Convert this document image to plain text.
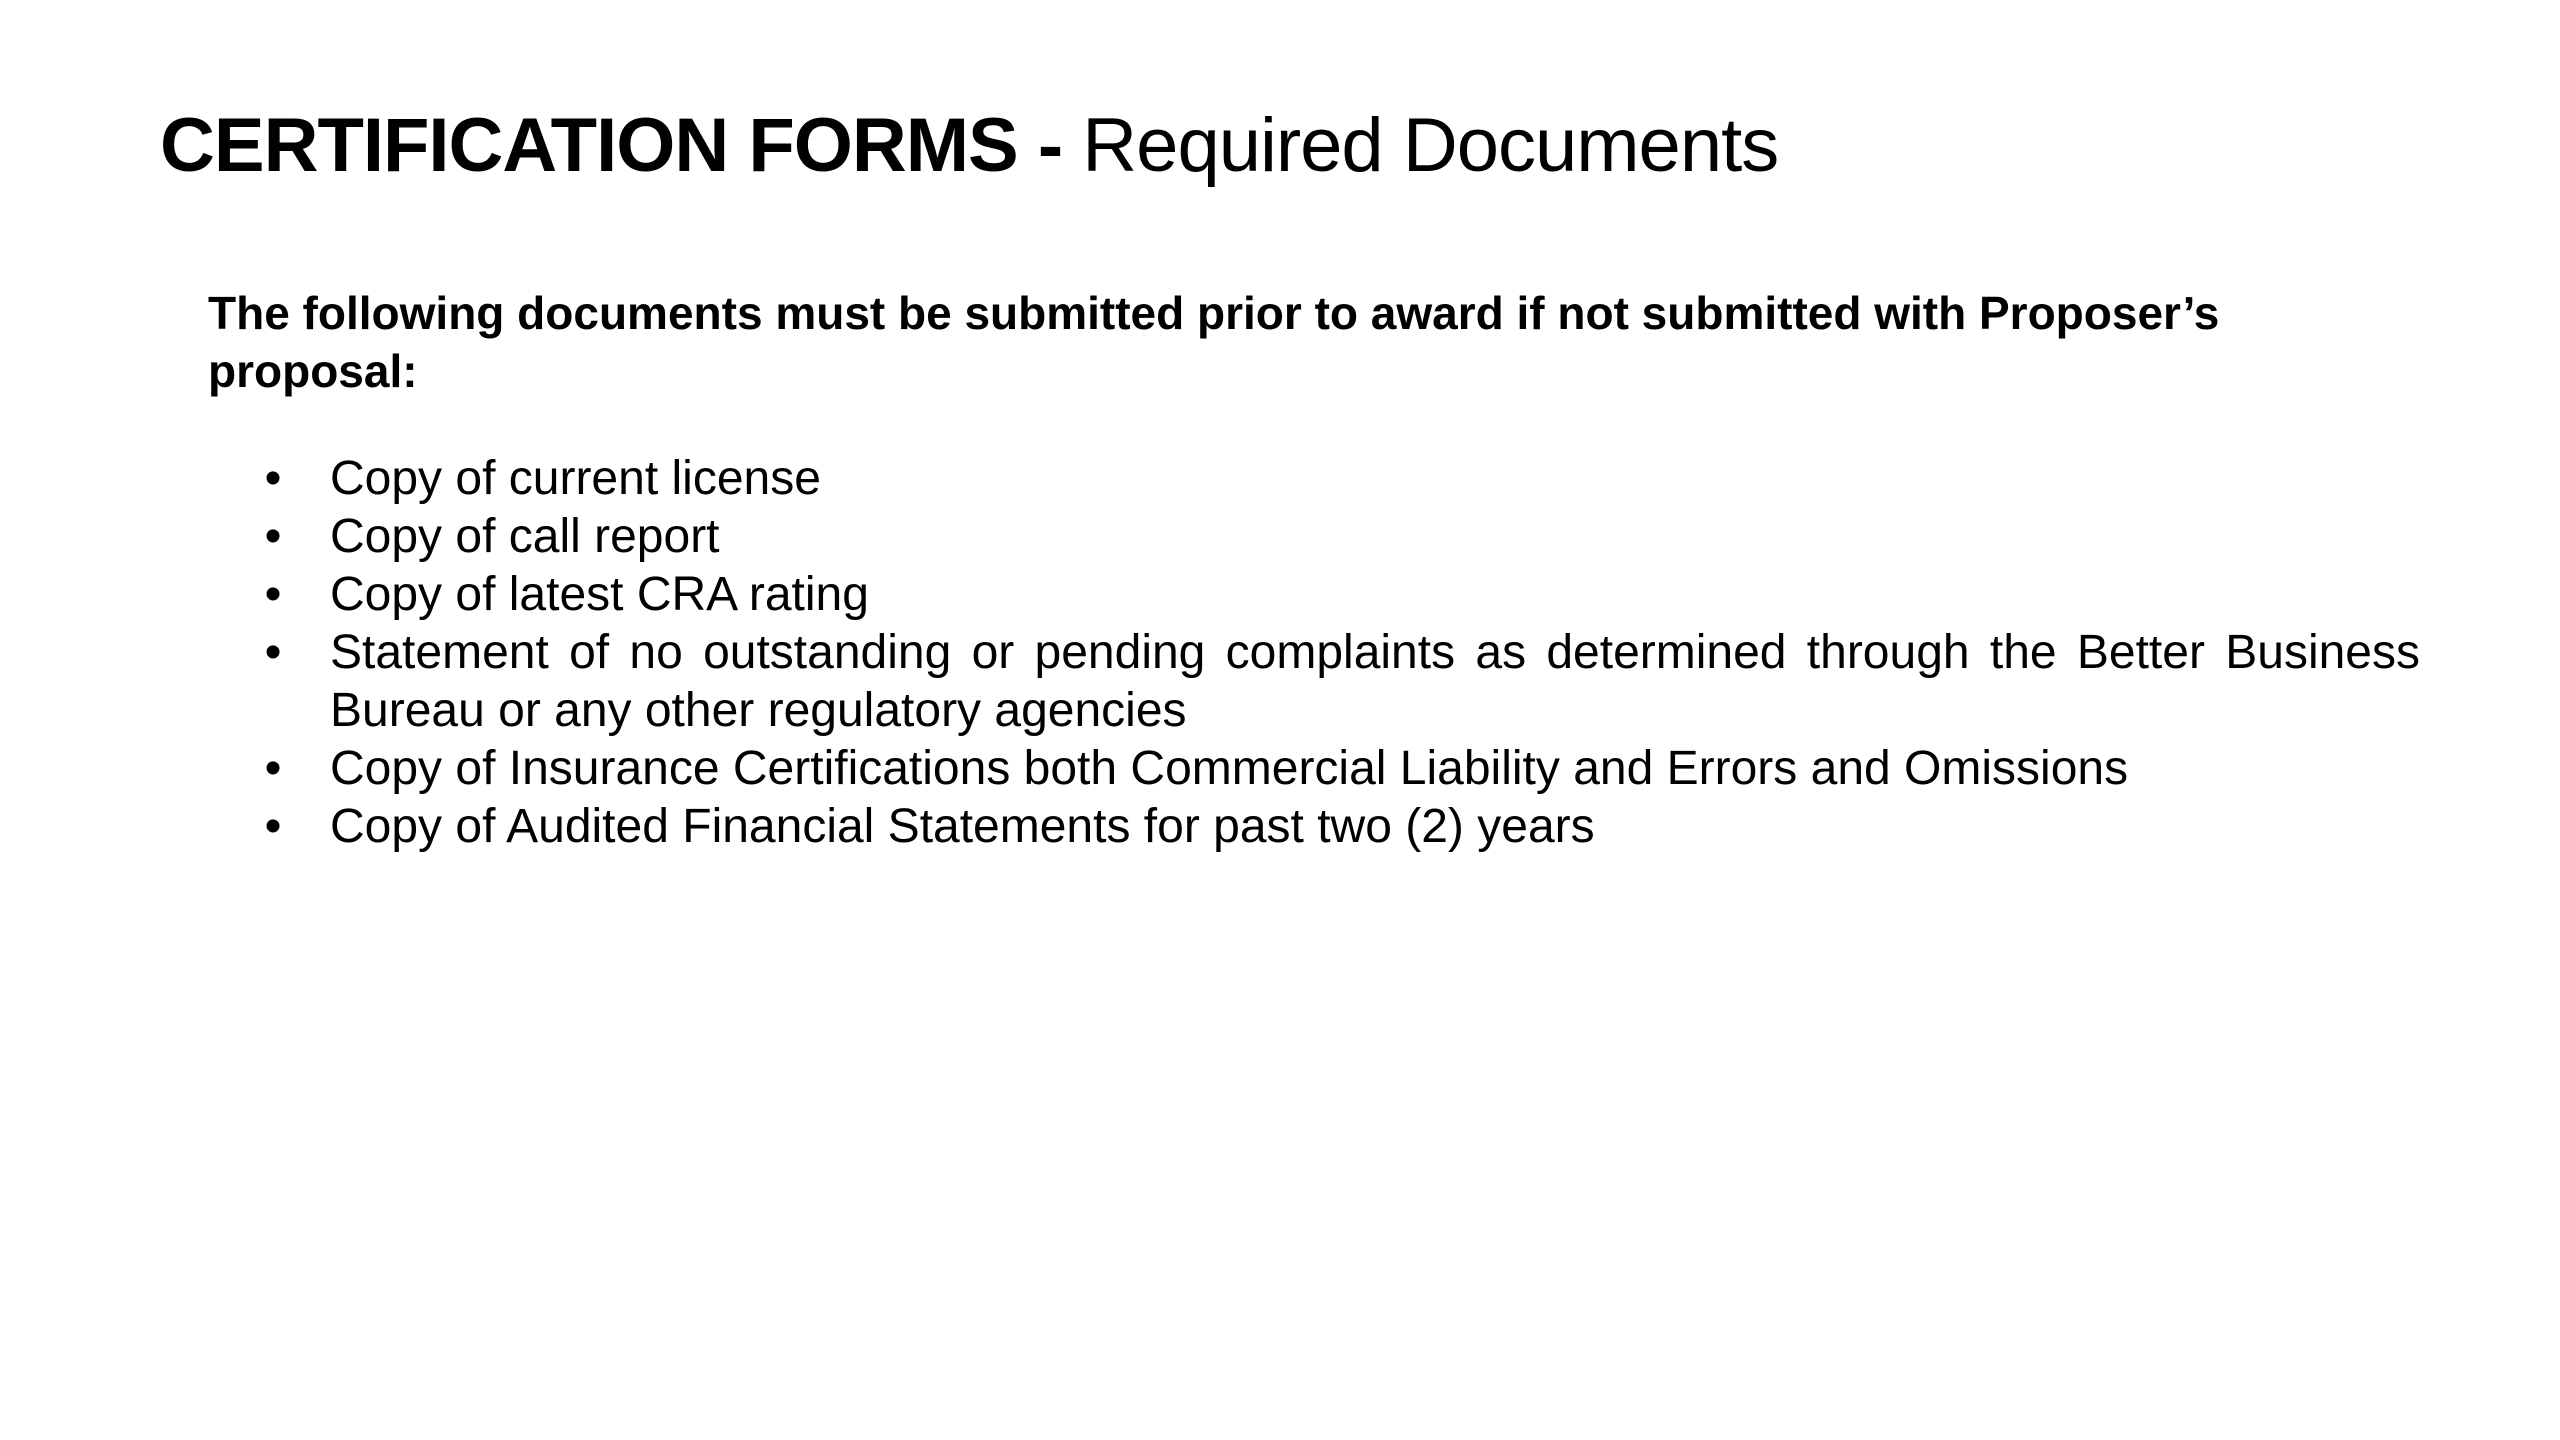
CERTIFICATION FORMS - Required Documents

The following documents must be submitted prior to award if not submitted with Proposer’s proposal:

• Copy of current license
• Copy of call report
• Copy of latest CRA rating
• Statement of no outstanding or pending complaints as determined through the Better Business Bureau or any other regulatory agencies
• Copy of Insurance Certifications both Commercial Liability and Errors and Omissions
• Copy of Audited Financial Statements for past two (2) years
